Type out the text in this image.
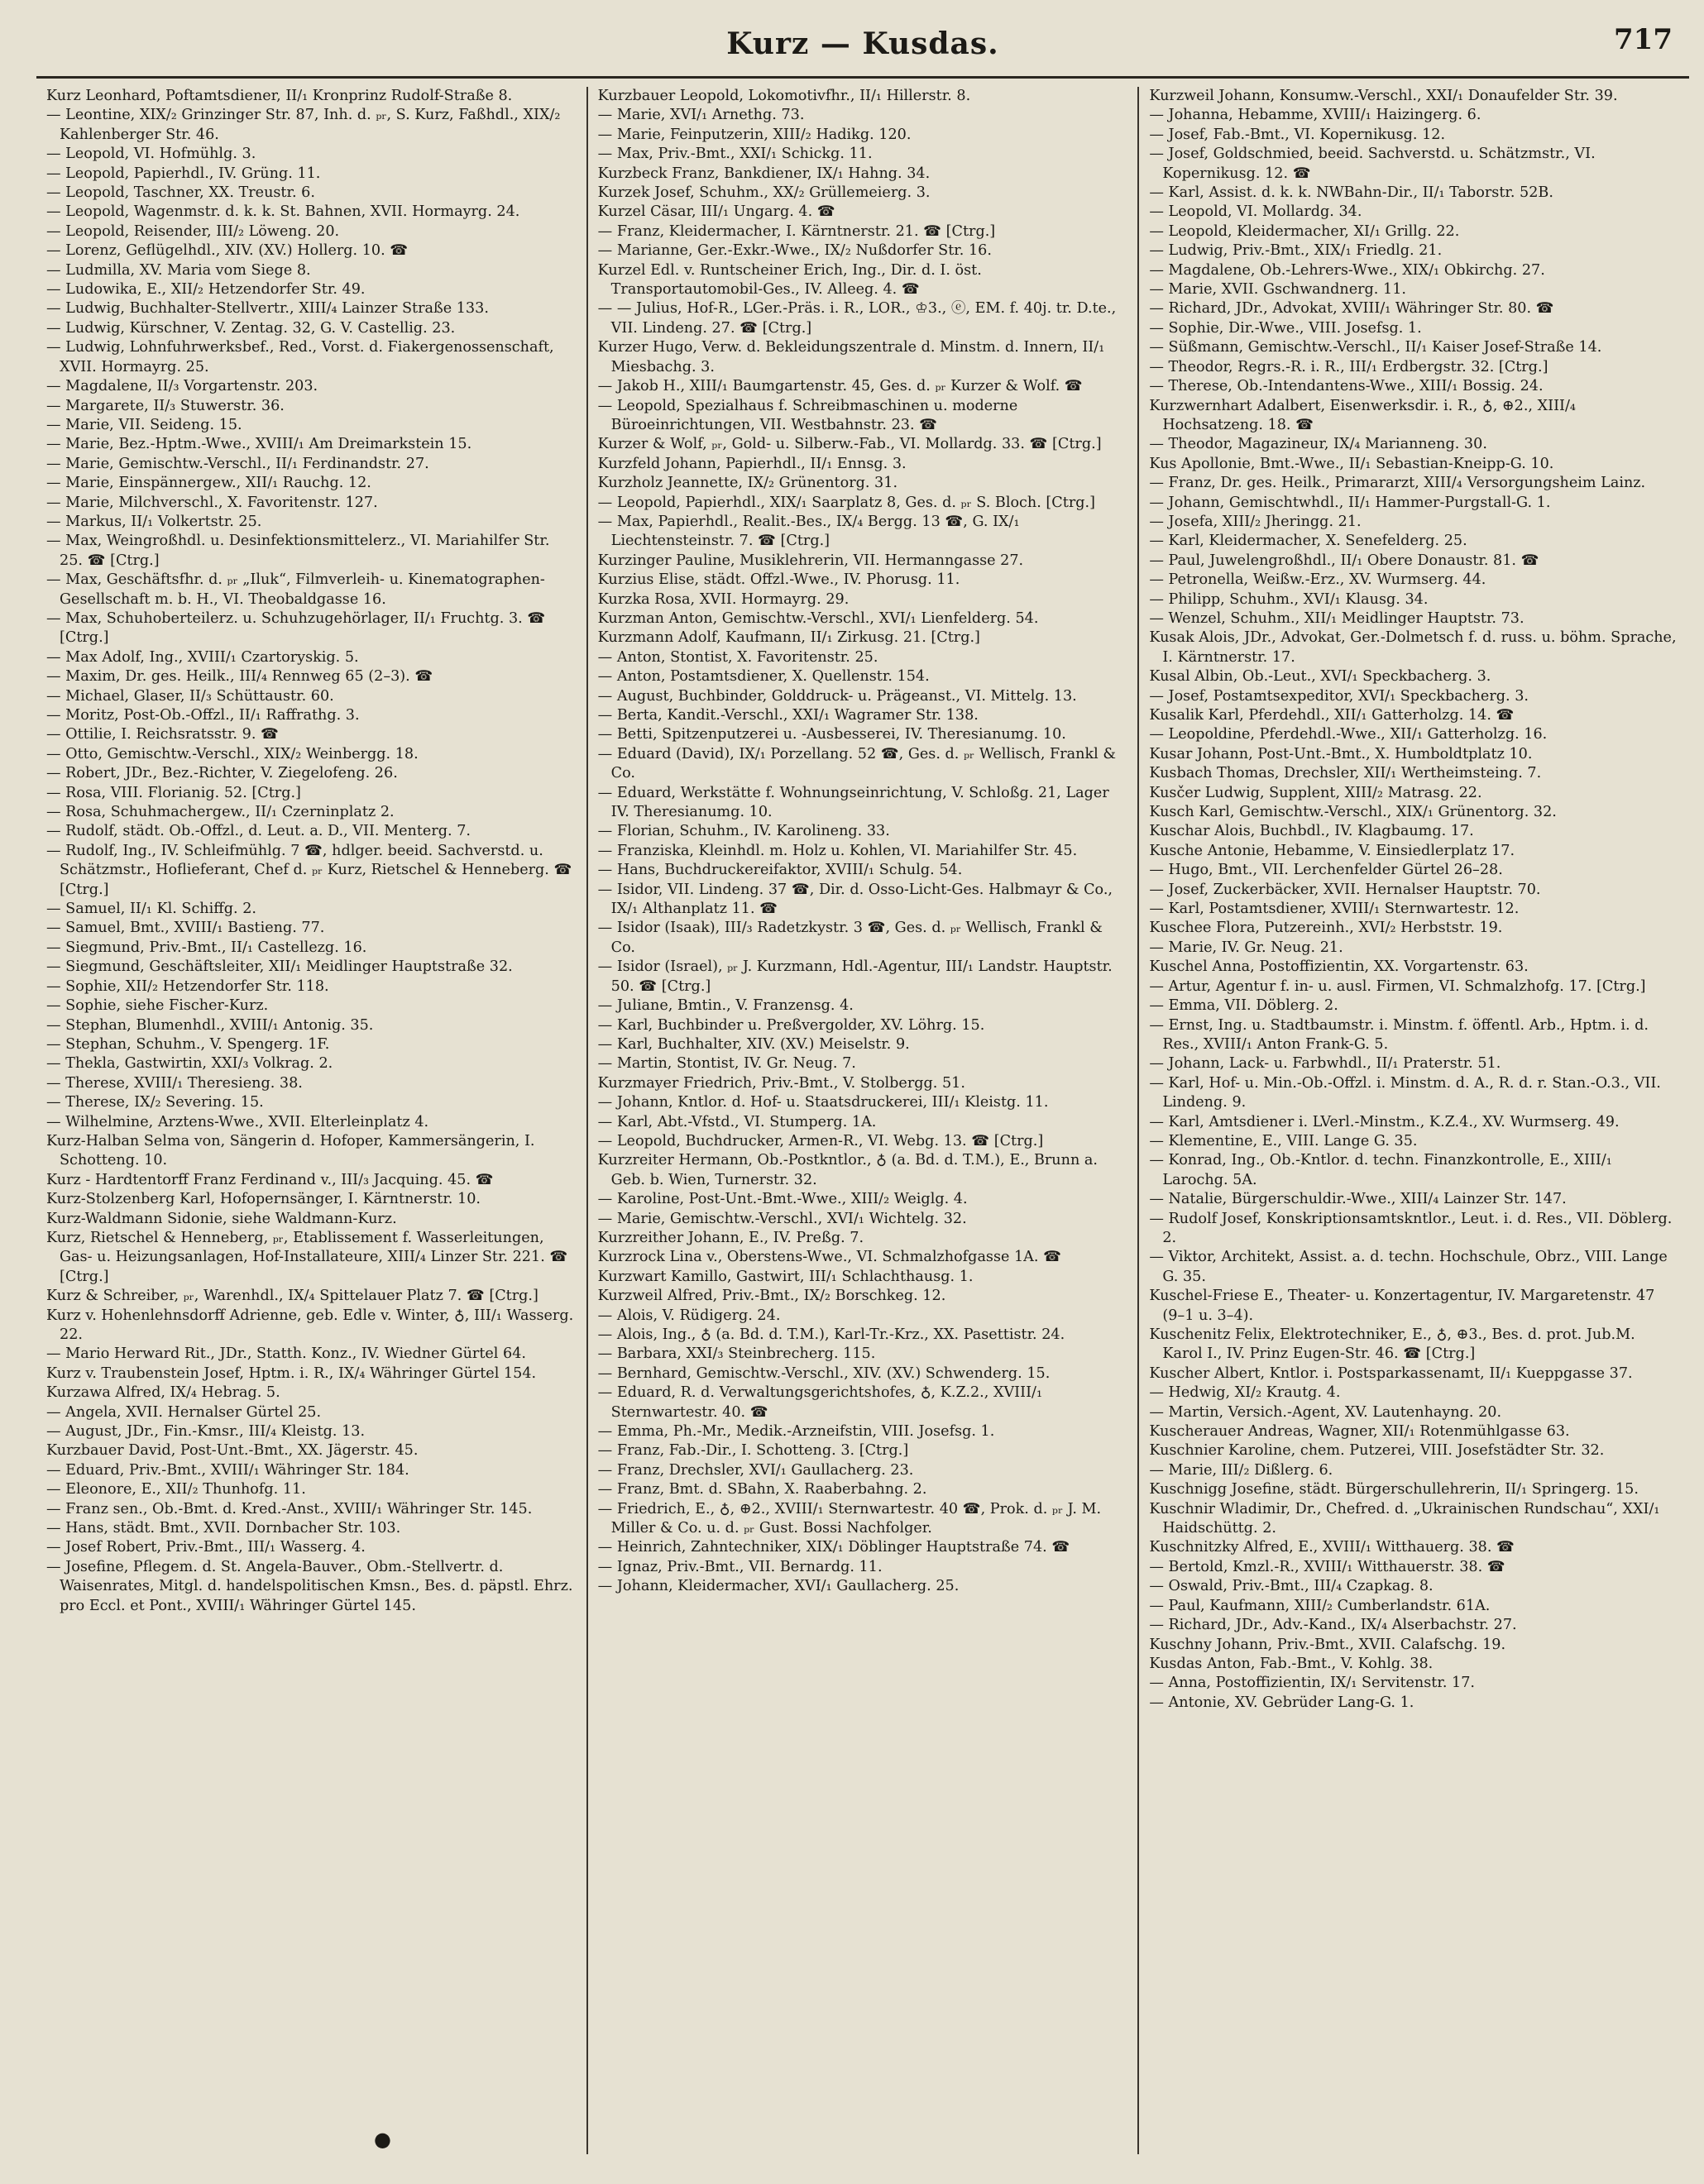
Kurz — Kusdas.	717

Kurz Leonhard, Poftamtsdiener, II/₁ Kronprinz Rudolf-Straße 8.

— Leontine, XIX/₂ Grinzinger Str. 87, Inh. d. ₚᵣ, S. Kurz, Faßhdl., XIX/₂ Kahlenberger Str. 46.

— Leopold, VI. Hofmühlg. 3.

— Leopold, Papierhdl., IV. Grüng. 11.

— Leopold, Taschner, XX. Treustr. 6.

— Leopold, Wagenmstr. d. k. k. St. Bahnen, XVII. Hormayrg. 24.

— Leopold, Reisender, III/₂ Löweng. 20.

— Lorenz, Geflügelhdl., XIV. (XV.) Hollerg. 10. ☎

— Ludmilla, XV. Maria vom Siege 8.

— Ludowika, E., XII/₂ Hetzendorfer Str. 49.

— Ludwig, Buchhalter-Stellvertr., XIII/₄ Lainzer Straße 133.

— Ludwig, Kürschner, V. Zentag. 32, G. V. Castellig. 23.

— Ludwig, Lohnfuhrwerksbef., Red., Vorst. d. Fiakergenossenschaft, XVII. Hormayrg. 25.

— Magdalene, II/₃ Vorgartenstr. 203.

— Margarete, II/₃ Stuwerstr. 36.

— Marie, VII. Seideng. 15.

— Marie, Bez.-Hptm.-Wwe., XVIII/₁ Am Dreimarkstein 15.

— Marie, Gemischtw.-Verschl., II/₁ Ferdinandstr. 27.

— Marie, Einspännergew., XII/₁ Rauchg. 12.

— Marie, Milchverschl., X. Favoritenstr. 127.

— Markus, II/₁ Volkertstr. 25.

— Max, Weingroßhdl. u. Desinfektionsmittelerz., VI. Mariahilfer Str. 25. ☎ [Ctrg.]

— Max, Geschäftsfhr. d. ₚᵣ „Iluk“, Filmverleih- u. Kinematographen-Gesellschaft m. b. H., VI. Theobaldgasse 16.

— Max, Schuhoberteilerz. u. Schuhzugehörlager, II/₁ Fruchtg. 3. ☎ [Ctrg.]

— Max Adolf, Ing., XVIII/₁ Czartoryskig. 5.

— Maxim, Dr. ges. Heilk., III/₄ Rennweg 65 (2–3). ☎

— Michael, Glaser, II/₃ Schüttaustr. 60.

— Moritz, Post-Ob.-Offzl., II/₁ Raffrathg. 3.

— Ottilie, I. Reichsratsstr. 9. ☎

— Otto, Gemischtw.-Verschl., XIX/₂ Weinbergg. 18.

— Robert, JDr., Bez.-Richter, V. Ziegelofeng. 26.

— Rosa, VIII. Florianig. 52. [Ctrg.]

— Rosa, Schuhmachergew., II/₁ Czerninplatz 2.

— Rudolf, städt. Ob.-Offzl., d. Leut. a. D., VII. Menterg. 7.

— Rudolf, Ing., IV. Schleifmühlg. 7 ☎, hdlger. beeid. Sachverstd. u. Schätzmstr., Hoflieferant, Chef d. ₚᵣ Kurz, Rietschel & Henneberg. ☎ [Ctrg.]

— Samuel, II/₁ Kl. Schiffg. 2.

— Samuel, Bmt., XVIII/₁ Bastieng. 77.

— Siegmund, Priv.-Bmt., II/₁ Castellezg. 16.

— Siegmund, Geschäftsleiter, XII/₁ Meidlinger Hauptstraße 32.

— Sophie, XII/₂ Hetzendorfer Str. 118.

— Sophie, siehe Fischer-Kurz.

— Stephan, Blumenhdl., XVIII/₁ Antonig. 35.

— Stephan, Schuhm., V. Spengerg. 1F.

— Thekla, Gastwirtin, XXI/₃ Volkrag. 2.

— Therese, XVIII/₁ Theresieng. 38.

— Therese, IX/₂ Severing. 15.

— Wilhelmine, Arztens-Wwe., XVII. Elterleinplatz 4.

Kurz-Halban Selma von, Sängerin d. Hofoper, Kammersängerin, I. Schotteng. 10.

Kurz - Hardtentorff Franz Ferdinand v., III/₃ Jacquing. 45. ☎

Kurz-Stolzenberg Karl, Hofopernsänger, I. Kärntnerstr. 10.

Kurz-Waldmann Sidonie, siehe Waldmann-Kurz.

Kurz, Rietschel & Henneberg, ₚᵣ, Etablissement f. Wasserleitungen, Gas- u. Heizungsanlagen, Hof-Installateure, XIII/₄ Linzer Str. 221. ☎ [Ctrg.]

Kurz & Schreiber, ₚᵣ, Warenhdl., IX/₄ Spittelauer Platz 7. ☎ [Ctrg.]

Kurz v. Hohenlehnsdorff Adrienne, geb. Edle v. Winter, ♁, III/₁ Wasserg. 22.

— Mario Herward Rit., JDr., Statth. Konz., IV. Wiedner Gürtel 64.

Kurz v. Traubenstein Josef, Hptm. i. R., IX/₄ Währinger Gürtel 154.

Kurzawa Alfred, IX/₄ Hebrag. 5.

— Angela, XVII. Hernalser Gürtel 25.

— August, JDr., Fin.-Kmsr., III/₄ Kleistg. 13.

Kurzbauer David, Post-Unt.-Bmt., XX. Jägerstr. 45.

— Eduard, Priv.-Bmt., XVIII/₁ Währinger Str. 184.

— Eleonore, E., XII/₂ Thunhofg. 11.

— Franz sen., Ob.-Bmt. d. Kred.-Anst., XVIII/₁ Währinger Str. 145.

— Hans, städt. Bmt., XVII. Dornbacher Str. 103.

— Josef Robert, Priv.-Bmt., III/₁ Wasserg. 4.

— Josefine, Pflegem. d. St. Angela-Bauver., Obm.-Stellvertr. d. Waisenrates, Mitgl. d. handelspolitischen Kmsn., Bes. d. päpstl. Ehrz. pro Eccl. et Pont., XVIII/₁ Währinger Gürtel 145.

Kurzbauer Leopold, Lokomotivfhr., II/₁ Hillerstr. 8.

— Marie, XVI/₁ Arnethg. 73.

— Marie, Feinputzerin, XIII/₂ Hadikg. 120.

— Max, Priv.-Bmt., XXI/₁ Schickg. 11.

Kurzbeck Franz, Bankdiener, IX/₁ Hahng. 34.

Kurzek Josef, Schuhm., XX/₂ Grüllemeierg. 3.

Kurzel Cäsar, III/₁ Ungarg. 4. ☎

— Franz, Kleidermacher, I. Kärntnerstr. 21. ☎ [Ctrg.]

— Marianne, Ger.-Exkr.-Wwe., IX/₂ Nußdorfer Str. 16.

Kurzel Edl. v. Runtscheiner Erich, Ing., Dir. d. I. öst. Transportautomobil-Ges., IV. Alleeg. 4. ☎

— — Julius, Hof-R., LGer.-Präs. i. R., LOR., ♔3., ⓔ, EM. f. 40j. tr. D.te., VII. Lindeng. 27. ☎ [Ctrg.]

Kurzer Hugo, Verw. d. Bekleidungszentrale d. Minstm. d. Innern, II/₁ Miesbachg. 3.

— Jakob H., XIII/₁ Baumgartenstr. 45, Ges. d. ₚᵣ Kurzer & Wolf. ☎

— Leopold, Spezialhaus f. Schreibmaschinen u. moderne Büroeinrichtungen, VII. Westbahnstr. 23. ☎

Kurzer & Wolf, ₚᵣ, Gold- u. Silberw.-Fab., VI. Mollardg. 33. ☎ [Ctrg.]

Kurzfeld Johann, Papierhdl., II/₁ Ennsg. 3.

Kurzholz Jeannette, IX/₂ Grünentorg. 31.

— Leopold, Papierhdl., XIX/₁ Saarplatz 8, Ges. d. ₚᵣ S. Bloch. [Ctrg.]

— Max, Papierhdl., Realit.-Bes., IX/₄ Bergg. 13 ☎, G. IX/₁ Liechtensteinstr. 7. ☎ [Ctrg.]

Kurzinger Pauline, Musiklehrerin, VII. Hermanngasse 27.

Kurzius Elise, städt. Offzl.-Wwe., IV. Phorusg. 11.

Kurzka Rosa, XVII. Hormayrg. 29.

Kurzman Anton, Gemischtw.-Verschl., XVI/₁ Lienfelderg. 54.

Kurzmann Adolf, Kaufmann, II/₁ Zirkusg. 21. [Ctrg.]

— Anton, Stontist, X. Favoritenstr. 25.

— Anton, Postamtsdiener, X. Quellenstr. 154.

— August, Buchbinder, Golddruck- u. Prägeanst., VI. Mittelg. 13.

— Berta, Kandit.-Verschl., XXI/₁ Wagramer Str. 138.

— Betti, Spitzenputzerei u. -Ausbesserei, IV. Theresianumg. 10.

— Eduard (David), IX/₁ Porzellang. 52 ☎, Ges. d. ₚᵣ Wellisch, Frankl & Co.

— Eduard, Werkstätte f. Wohnungseinrichtung, V. Schloßg. 21, Lager IV. Theresianumg. 10.

— Florian, Schuhm., IV. Karolineng. 33.

— Franziska, Kleinhdl. m. Holz u. Kohlen, VI. Mariahilfer Str. 45.

— Hans, Buchdruckereifaktor, XVIII/₁ Schulg. 54.

— Isidor, VII. Lindeng. 37 ☎, Dir. d. Osso-Licht-Ges. Halbmayr & Co., IX/₁ Althanplatz 11. ☎

— Isidor (Isaak), III/₃ Radetzkystr. 3 ☎, Ges. d. ₚᵣ Wellisch, Frankl & Co.

— Isidor (Israel), ₚᵣ J. Kurzmann, Hdl.-Agentur, III/₁ Landstr. Hauptstr. 50. ☎ [Ctrg.]

— Juliane, Bmtin., V. Franzensg. 4.

— Karl, Buchbinder u. Preßvergolder, XV. Löhrg. 15.

— Karl, Buchhalter, XIV. (XV.) Meiselstr. 9.

— Martin, Stontist, IV. Gr. Neug. 7.

Kurzmayer Friedrich, Priv.-Bmt., V. Stolbergg. 51.

— Johann, Kntlor. d. Hof- u. Staatsdruckerei, III/₁ Kleistg. 11.

— Karl, Abt.-Vfstd., VI. Stumperg. 1A.

— Leopold, Buchdrucker, Armen-R., VI. Webg. 13. ☎ [Ctrg.]

Kurzreiter Hermann, Ob.-Postkntlor., ♁ (a. Bd. d. T.M.), E., Brunn a. Geb. b. Wien, Turnerstr. 32.

— Karoline, Post-Unt.-Bmt.-Wwe., XIII/₂ Weiglg. 4.

— Marie, Gemischtw.-Verschl., XVI/₁ Wichtelg. 32.

Kurzreither Johann, E., IV. Preßg. 7.

Kurzrock Lina v., Oberstens-Wwe., VI. Schmalzhofgasse 1A. ☎

Kurzwart Kamillo, Gastwirt, III/₁ Schlachthausg. 1.

Kurzweil Alfred, Priv.-Bmt., IX/₂ Borschkeg. 12.

— Alois, V. Rüdigerg. 24.

— Alois, Ing., ♁ (a. Bd. d. T.M.), Karl-Tr.-Krz., XX. Pasettistr. 24.

— Barbara, XXI/₃ Steinbrecherg. 115.

— Bernhard, Gemischtw.-Verschl., XIV. (XV.) Schwenderg. 15.

— Eduard, R. d. Verwaltungsgerichtshofes, ♁, K.Z.2., XVIII/₁ Sternwartestr. 40. ☎

— Emma, Ph.-Mr., Medik.-Arzneifstin, VIII. Josefsg. 1.

— Franz, Fab.-Dir., I. Schotteng. 3. [Ctrg.]

— Franz, Drechsler, XVI/₁ Gaullacherg. 23.

— Franz, Bmt. d. SBahn, X. Raaberbahng. 2.

— Friedrich, E., ♁, ⊕2., XVIII/₁ Sternwartestr. 40 ☎, Prok. d. ₚᵣ J. M. Miller & Co. u. d. ₚᵣ Gust. Bossi Nachfolger.

— Heinrich, Zahntechniker, XIX/₁ Döblinger Hauptstraße 74. ☎

— Ignaz, Priv.-Bmt., VII. Bernardg. 11.

— Johann, Kleidermacher, XVI/₁ Gaullacherg. 25.

Kurzweil Johann, Konsumw.-Verschl., XXI/₁ Donaufelder Str. 39.

— Johanna, Hebamme, XVIII/₁ Haizingerg. 6.

— Josef, Fab.-Bmt., VI. Kopernikusg. 12.

— Josef, Goldschmied, beeid. Sachverstd. u. Schätzmstr., VI. Kopernikusg. 12. ☎

— Karl, Assist. d. k. k. NWBahn-Dir., II/₁ Taborstr. 52B.

— Leopold, VI. Mollardg. 34.

— Leopold, Kleidermacher, XI/₁ Grillg. 22.

— Ludwig, Priv.-Bmt., XIX/₁ Friedlg. 21.

— Magdalene, Ob.-Lehrers-Wwe., XIX/₁ Obkirchg. 27.

— Marie, XVII. Gschwandnerg. 11.

— Richard, JDr., Advokat, XVIII/₁ Währinger Str. 80. ☎

— Sophie, Dir.-Wwe., VIII. Josefsg. 1.

— Süßmann, Gemischtw.-Verschl., II/₁ Kaiser Josef-Straße 14.

— Theodor, Regrs.-R. i. R., III/₁ Erdbergstr. 32. [Ctrg.]

— Therese, Ob.-Intendantens-Wwe., XIII/₁ Bossig. 24.

Kurzwernhart Adalbert, Eisenwerksdir. i. R., ♁, ⊕2., XIII/₄ Hochsatzeng. 18. ☎

— Theodor, Magazineur, IX/₄ Marianneng. 30.

Kus Apollonie, Bmt.-Wwe., II/₁ Sebastian-Kneipp-G. 10.

— Franz, Dr. ges. Heilk., Primararzt, XIII/₄ Versorgungsheim Lainz.

— Johann, Gemischtwhdl., II/₁ Hammer-Purgstall-G. 1.

— Josefa, XIII/₂ Jheringg. 21.

— Karl, Kleidermacher, X. Senefelderg. 25.

— Paul, Juwelengroßhdl., II/₁ Obere Donaustr. 81. ☎

— Petronella, Weißw.-Erz., XV. Wurmserg. 44.

— Philipp, Schuhm., XVI/₁ Klausg. 34.

— Wenzel, Schuhm., XII/₁ Meidlinger Hauptstr. 73.

Kusak Alois, JDr., Advokat, Ger.-Dolmetsch f. d. russ. u. böhm. Sprache, I. Kärntnerstr. 17.

Kusal Albin, Ob.-Leut., XVI/₁ Speckbacherg. 3.

— Josef, Postamtsexpeditor, XVI/₁ Speckbacherg. 3.

Kusalik Karl, Pferdehdl., XII/₁ Gatterholzg. 14. ☎

— Leopoldine, Pferdehdl.-Wwe., XII/₁ Gatterholzg. 16.

Kusar Johann, Post-Unt.-Bmt., X. Humboldtplatz 10.

Kusbach Thomas, Drechsler, XII/₁ Wertheimsteing. 7.

Kusčer Ludwig, Supplent, XIII/₂ Matrasg. 22.

Kusch Karl, Gemischtw.-Verschl., XIX/₁ Grünentorg. 32.

Kuschar Alois, Buchbdl., IV. Klagbaumg. 17.

Kusche Antonie, Hebamme, V. Einsiedlerplatz 17.

— Hugo, Bmt., VII. Lerchenfelder Gürtel 26–28.

— Josef, Zuckerbäcker, XVII. Hernalser Hauptstr. 70.

— Karl, Postamtsdiener, XVIII/₁ Sternwartestr. 12.

Kuschee Flora, Putzereinh., XVI/₂ Herbststr. 19.

— Marie, IV. Gr. Neug. 21.

Kuschel Anna, Postoffizientin, XX. Vorgartenstr. 63.

— Artur, Agentur f. in- u. ausl. Firmen, VI. Schmalzhofg. 17. [Ctrg.]

— Emma, VII. Döblerg. 2.

— Ernst, Ing. u. Stadtbaumstr. i. Minstm. f. öffentl. Arb., Hptm. i. d. Res., XVIII/₁ Anton Frank-G. 5.

— Johann, Lack- u. Farbwhdl., II/₁ Praterstr. 51.

— Karl, Hof- u. Min.-Ob.-Offzl. i. Minstm. d. A., R. d. r. Stan.-O.3., VII. Lindeng. 9.

— Karl, Amtsdiener i. LVerl.-Minstm., K.Z.4., XV. Wurmserg. 49.

— Klementine, E., VIII. Lange G. 35.

— Konrad, Ing., Ob.-Kntlor. d. techn. Finanzkontrolle, E., XIII/₁ Larochg. 5A.

— Natalie, Bürgerschuldir.-Wwe., XIII/₄ Lainzer Str. 147.

— Rudolf Josef, Konskriptionsamtskntlor., Leut. i. d. Res., VII. Döblerg. 2.

— Viktor, Architekt, Assist. a. d. techn. Hochschule, Obrz., VIII. Lange G. 35.

Kuschel-Friese E., Theater- u. Konzertagentur, IV. Margaretenstr. 47 (9–1 u. 3–4).

Kuschenitz Felix, Elektrotechniker, E., ♁, ⊕3., Bes. d. prot. Jub.M. Karol I., IV. Prinz Eugen-Str. 46. ☎ [Ctrg.]

Kuscher Albert, Kntlor. i. Postsparkassenamt, II/₁ Kueppgasse 37.

— Hedwig, XI/₂ Krautg. 4.

— Martin, Versich.-Agent, XV. Lautenhayng. 20.

Kuscherauer Andreas, Wagner, XII/₁ Rotenmühlgasse 63.

Kuschnier Karoline, chem. Putzerei, VIII. Josefstädter Str. 32.

— Marie, III/₂ Dißlerg. 6.

Kuschnigg Josefine, städt. Bürgerschullehrerin, II/₁ Springerg. 15.

Kuschnir Wladimir, Dr., Chefred. d. „Ukrainischen Rundschau“, XXI/₁ Haidschüttg. 2.

Kuschnitzky Alfred, E., XVIII/₁ Witthauerg. 38. ☎

— Bertold, Kmzl.-R., XVIII/₁ Witthauerstr. 38. ☎

— Oswald, Priv.-Bmt., III/₄ Czapkag. 8.

— Paul, Kaufmann, XIII/₂ Cumberlandstr. 61A.

— Richard, JDr., Adv.-Kand., IX/₄ Alserbachstr. 27.

Kuschny Johann, Priv.-Bmt., XVII. Calafschg. 19.

Kusdas Anton, Fab.-Bmt., V. Kohlg. 38.

— Anna, Postoffizientin, IX/₁ Servitenstr. 17.

— Antonie, XV. Gebrüder Lang-G. 1.

●
